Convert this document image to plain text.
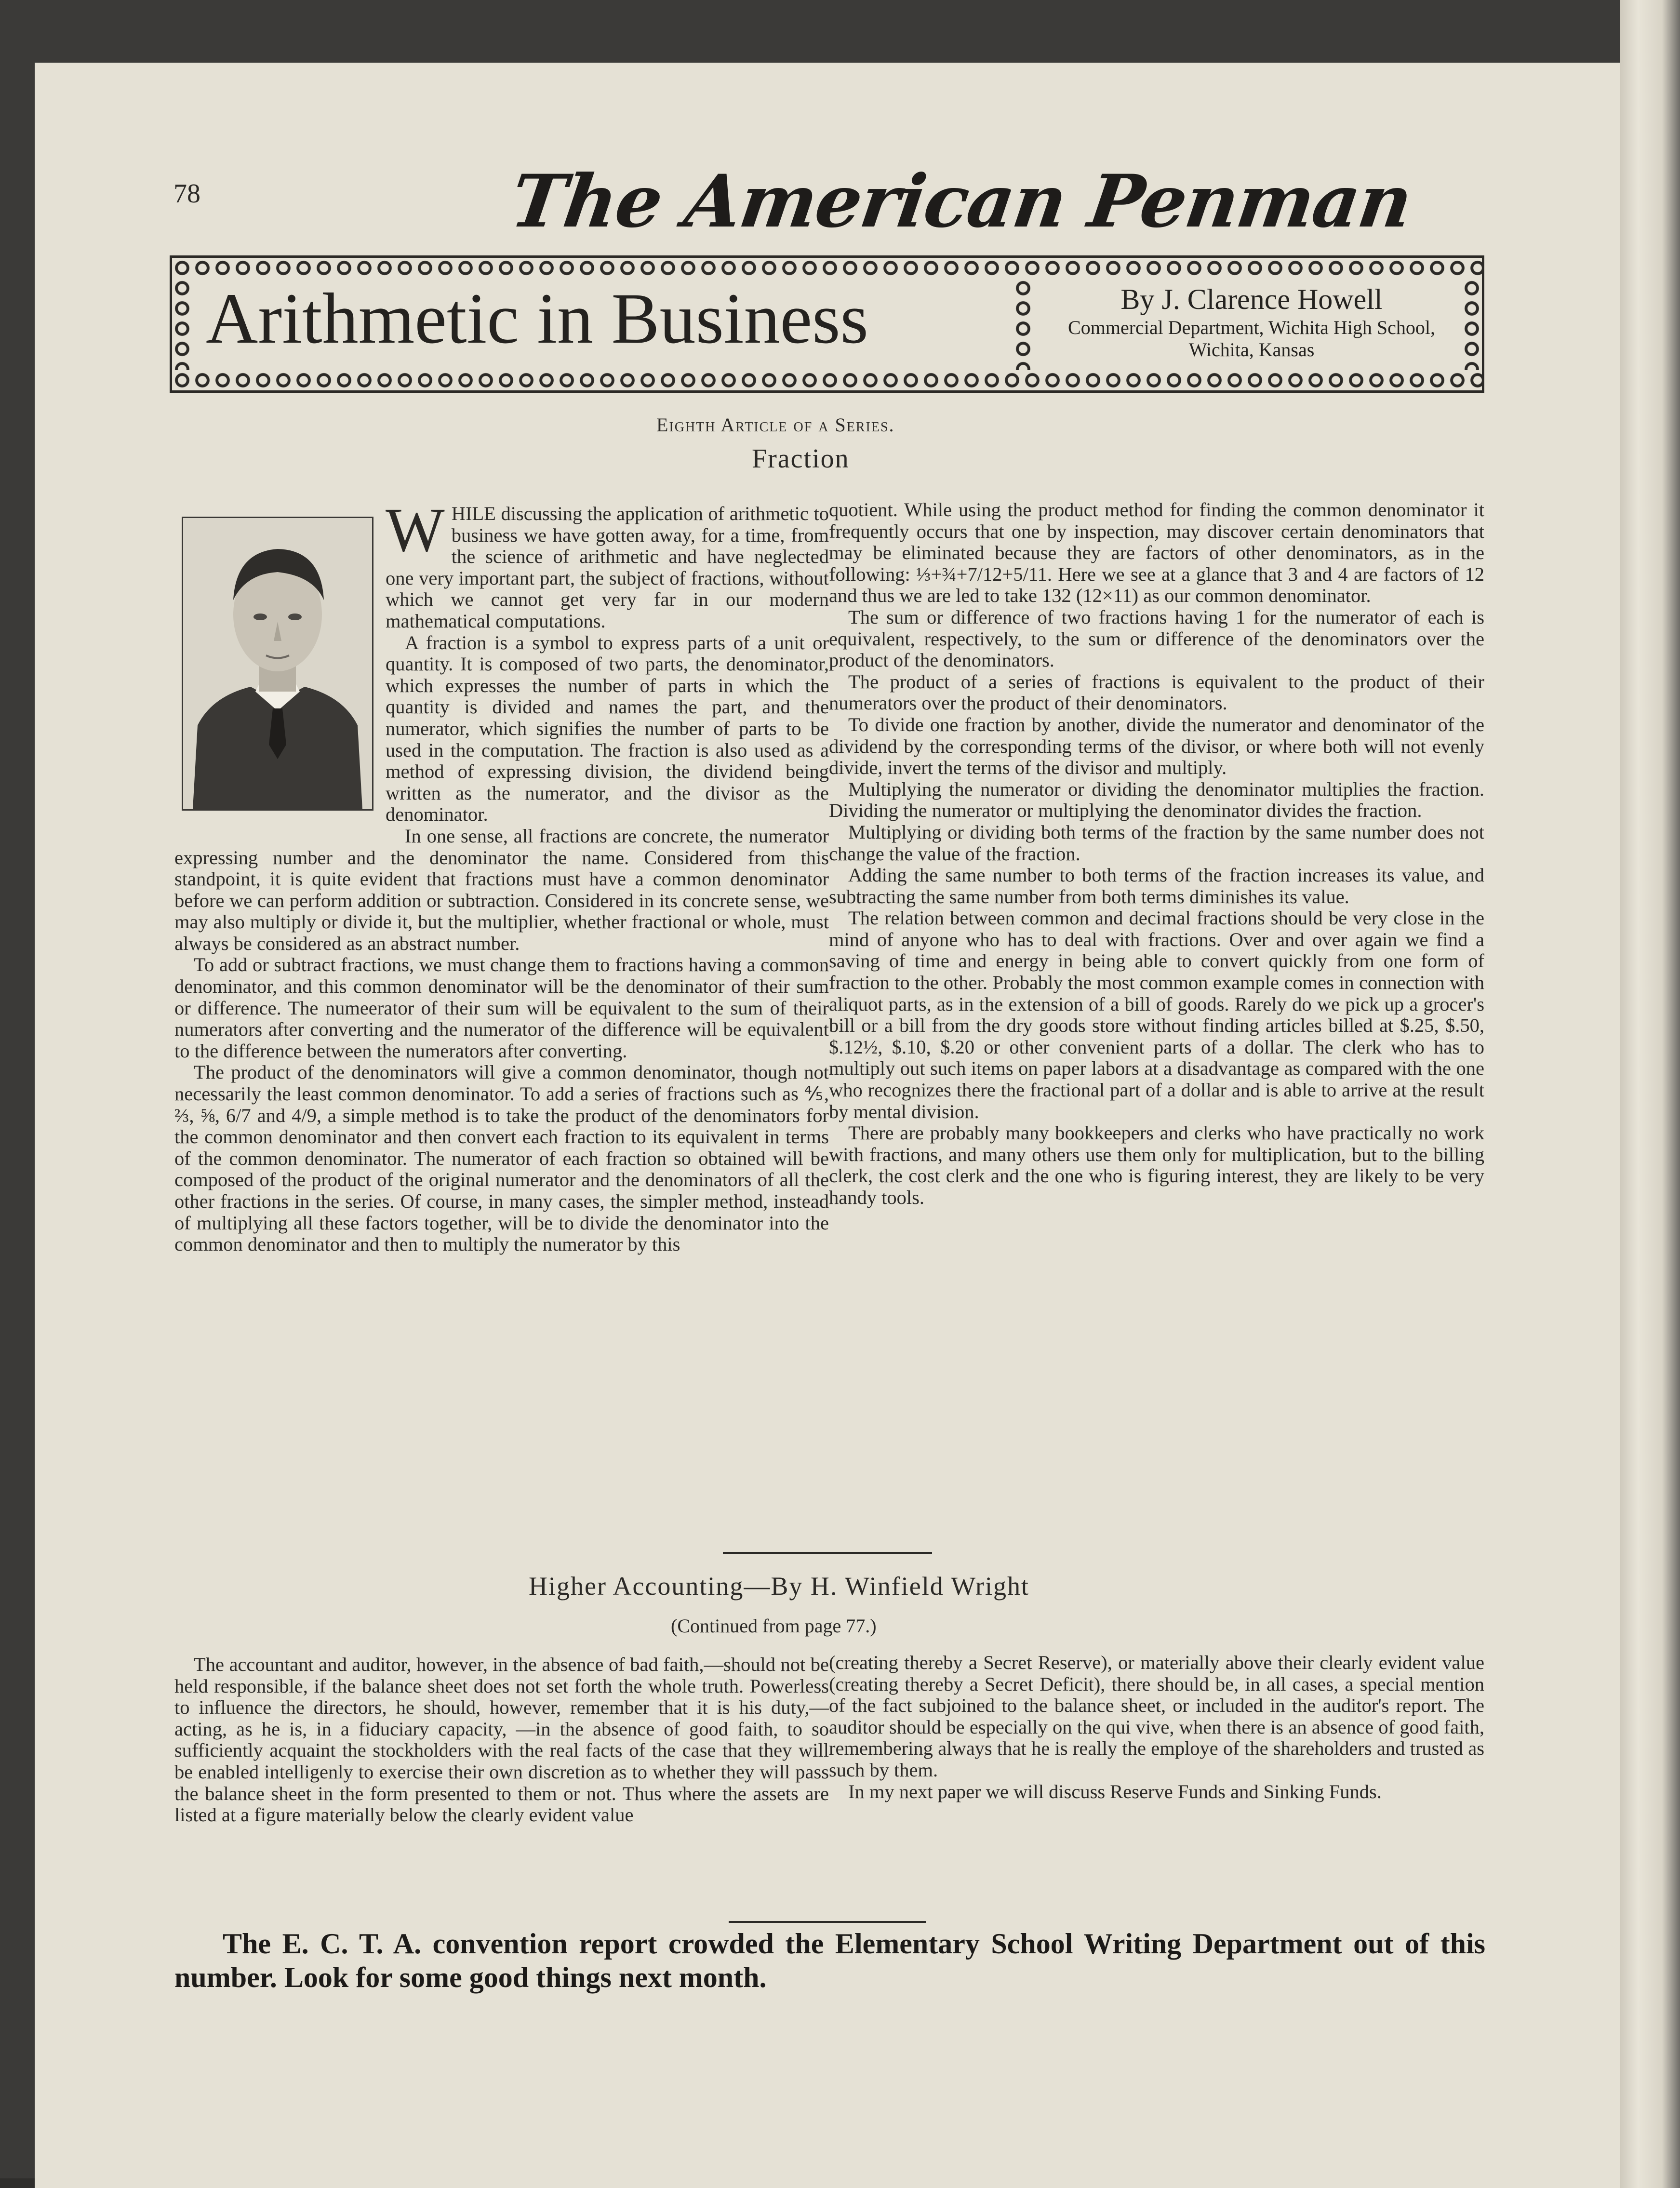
78	The American Penman
Arithmetic in Business	By J. Clarence Howell
Commercial Department, Wichita High School,
Wichita, Kansas
Eighth Article of a Series.
Fraction

WHILE discussing the application of arithmetic to business we have gotten away, for a time, from the science of arithmetic and have neglected one very important part, the subject of fractions, without which we cannot get very far in our modern mathematical computations.

A fraction is a symbol to express parts of a unit or quantity. It is composed of two parts, the denominator, which expresses the number of parts in which the quantity is divided and names the part, and the numerator, which signifies the number of parts to be used in the computation. The fraction is also used as a method of expressing division, the dividend being written as the numerator, and the divisor as the denominator.

In one sense, all fractions are concrete, the numerator expressing number and the denominator the name. Considered from this standpoint, it is quite evident that fractions must have a common denominator before we can perform addition or subtraction. Considered in its concrete sense, we may also multiply or divide it, but the multiplier, whether fractional or whole, must always be considered as an abstract number.

To add or subtract fractions, we must change them to fractions having a common denominator, and this common denominator will be the denominator of their sum or difference. The numeerator of their sum will be equivalent to the sum of their numerators after converting and the numerator of the difference will be equivalent to the difference between the numerators after converting.

The product of the denominators will give a common denominator, though not necessarily the least common denominator. To add a series of fractions such as ⅘, ⅔, ⅝, 6/7 and 4/9, a simple method is to take the product of the denominators for the common denominator and then convert each fraction to its equivalent in terms of the common denominator. The numerator of each fraction so obtained will be composed of the product of the original numerator and the denominators of all the other fractions in the series. Of course, in many cases, the simpler method, instead of multiplying all these factors together, will be to divide the denominator into the common denominator and then to multiply the numerator by this

quotient. While using the product method for finding the common denominator it frequently occurs that one by inspection, may discover certain denominators that may be eliminated because they are factors of other denominators, as in the following: ⅓+¾+7/12+5/11. Here we see at a glance that 3 and 4 are factors of 12 and thus we are led to take 132 (12×11) as our common denominator.

The sum or difference of two fractions having 1 for the numerator of each is equivalent, respectively, to the sum or difference of the denominators over the product of the denominators.

The product of a series of fractions is equivalent to the product of their numerators over the product of their denominators.

To divide one fraction by another, divide the numerator and denominator of the dividend by the corresponding terms of the divisor, or where both will not evenly divide, invert the terms of the divisor and multiply.

Multiplying the numerator or dividing the denominator multiplies the fraction. Dividing the numerator or multiplying the denominator divides the fraction.

Multiplying or dividing both terms of the fraction by the same number does not change the value of the fraction.

Adding the same number to both terms of the fraction increases its value, and subtracting the same number from both terms diminishes its value.

The relation between common and decimal fractions should be very close in the mind of anyone who has to deal with fractions. Over and over again we find a saving of time and energy in being able to convert quickly from one form of fraction to the other. Probably the most common example comes in connection with aliquot parts, as in the extension of a bill of goods. Rarely do we pick up a grocer's bill or a bill from the dry goods store without finding articles billed at $.25, $.50, $.12½, $.10, $.20 or other convenient parts of a dollar. The clerk who has to multiply out such items on paper labors at a disadvantage as compared with the one who recognizes there the fractional part of a dollar and is able to arrive at the result by mental division.

There are probably many bookkeepers and clerks who have practically no work with fractions, and many others use them only for multiplication, but to the billing clerk, the cost clerk and the one who is figuring interest, they are likely to be very handy tools.

Higher Accounting—By H. Winfield Wright
(Continued from page 77.)

The accountant and auditor, however, in the absence of bad faith,—should not be held responsible, if the balance sheet does not set forth the whole truth. Powerless to influence the directors, he should, however, remember that it is his duty,—acting, as he is, in a fiduciary capacity, —in the absence of good faith, to so sufficiently acquaint the stockholders with the real facts of the case that they will be enabled intelligenly to exercise their own discretion as to whether they will pass the balance sheet in the form presented to them or not. Thus where the assets are listed at a figure materially below the clearly evident value

(creating thereby a Secret Reserve), or materially above their clearly evident value (creating thereby a Secret Deficit), there should be, in all cases, a special mention of the fact subjoined to the balance sheet, or included in the auditor's report. The auditor should be especially on the qui vive, when there is an absence of good faith, remembering always that he is really the employe of the shareholders and trusted as such by them.

In my next paper we will discuss Reserve Funds and Sinking Funds.

The E. C. T. A. convention report crowded the Elementary School Writing Department out of this number. Look for some good things next month.
